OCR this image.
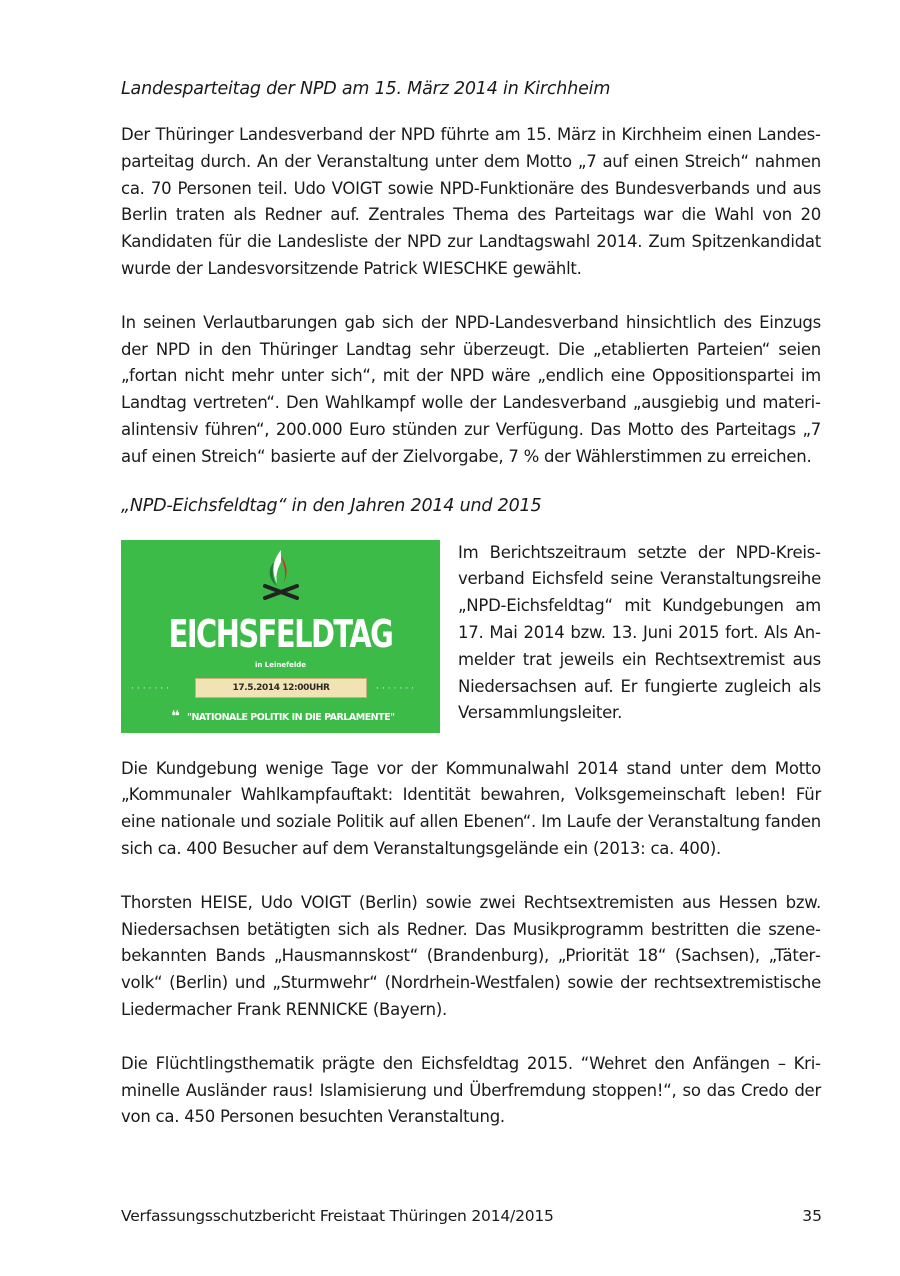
Landesparteitag der NPD am 15. März 2014 in Kirchheim

Der Thüringer Landesverband der NPD führte am 15. März in Kirchheim einen Landesparteitag durch. An der Veranstaltung unter dem Motto „7 auf einen Streich“ nahmen ca. 70 Personen teil. Udo VOIGT sowie NPD-Funktionäre des Bundesverbands und aus Berlin traten als Redner auf. Zentrales Thema des Parteitags war die Wahl von 20 Kandidaten für die Landesliste der NPD zur Landtagswahl 2014. Zum Spitzenkandidat wurde der Landesvorsitzende Patrick WIESCHKE gewählt.

In seinen Verlautbarungen gab sich der NPD-Landesverband hinsichtlich des Einzugs der NPD in den Thüringer Landtag sehr überzeugt. Die „etablierten Parteien“ seien „fortan nicht mehr unter sich“, mit der NPD wäre „endlich eine Oppositionspartei im Landtag vertreten“. Den Wahlkampf wolle der Landesverband „ausgiebig und materialintensiv führen“, 200.000 Euro stünden zur Verfügung. Das Motto des Parteitags „7 auf einen Streich“ basierte auf der Zielvorgabe, 7 % der Wählerstimmen zu erreichen.

„NPD-Eichsfeldtag“ in den Jahren 2014 und 2015
EICHSFELDTAG
in Leinefelde
·······	17.5.2014 12:00UHR	·······
❝ "NATIONALE POLITIK IN DIE PARLAMENTE"

Im Berichtszeitraum setzte der NPD-Kreisverband Eichsfeld seine Veranstaltungsreihe „NPD-Eichsfeldtag“ mit Kundgebungen am 17. Mai 2014 bzw. 13. Juni 2015 fort. Als Anmelder trat jeweils ein Rechtsextremist aus Niedersachsen auf. Er fungierte zugleich als Versammlungsleiter.

Die Kundgebung wenige Tage vor der Kommunalwahl 2014 stand unter dem Motto „Kommunaler Wahlkampfauftakt: Identität bewahren, Volksgemeinschaft leben! Für eine nationale und soziale Politik auf allen Ebenen“. Im Laufe der Veranstaltung fanden sich ca. 400 Besucher auf dem Veranstaltungsgelände ein (2013: ca. 400).

Thorsten HEISE, Udo VOIGT (Berlin) sowie zwei Rechtsextremisten aus Hessen bzw. Niedersachsen betätigten sich als Redner. Das Musikprogramm bestritten die szenebekannten Bands „Hausmannskost“ (Brandenburg), „Priorität 18“ (Sachsen), „Tätervolk“ (Berlin) und „Sturmwehr“ (Nordrhein-Westfalen) sowie der rechtsextremistische Liedermacher Frank RENNICKE (Bayern).

Die Flüchtlingsthematik prägte den Eichsfeldtag 2015. “Wehret den Anfängen – Kriminelle Ausländer raus! Islamisierung und Überfremdung stoppen!“, so das Credo der von ca. 450 Personen besuchten Veranstaltung.

Verfassungsschutzbericht Freistaat Thüringen 2014/2015	35
